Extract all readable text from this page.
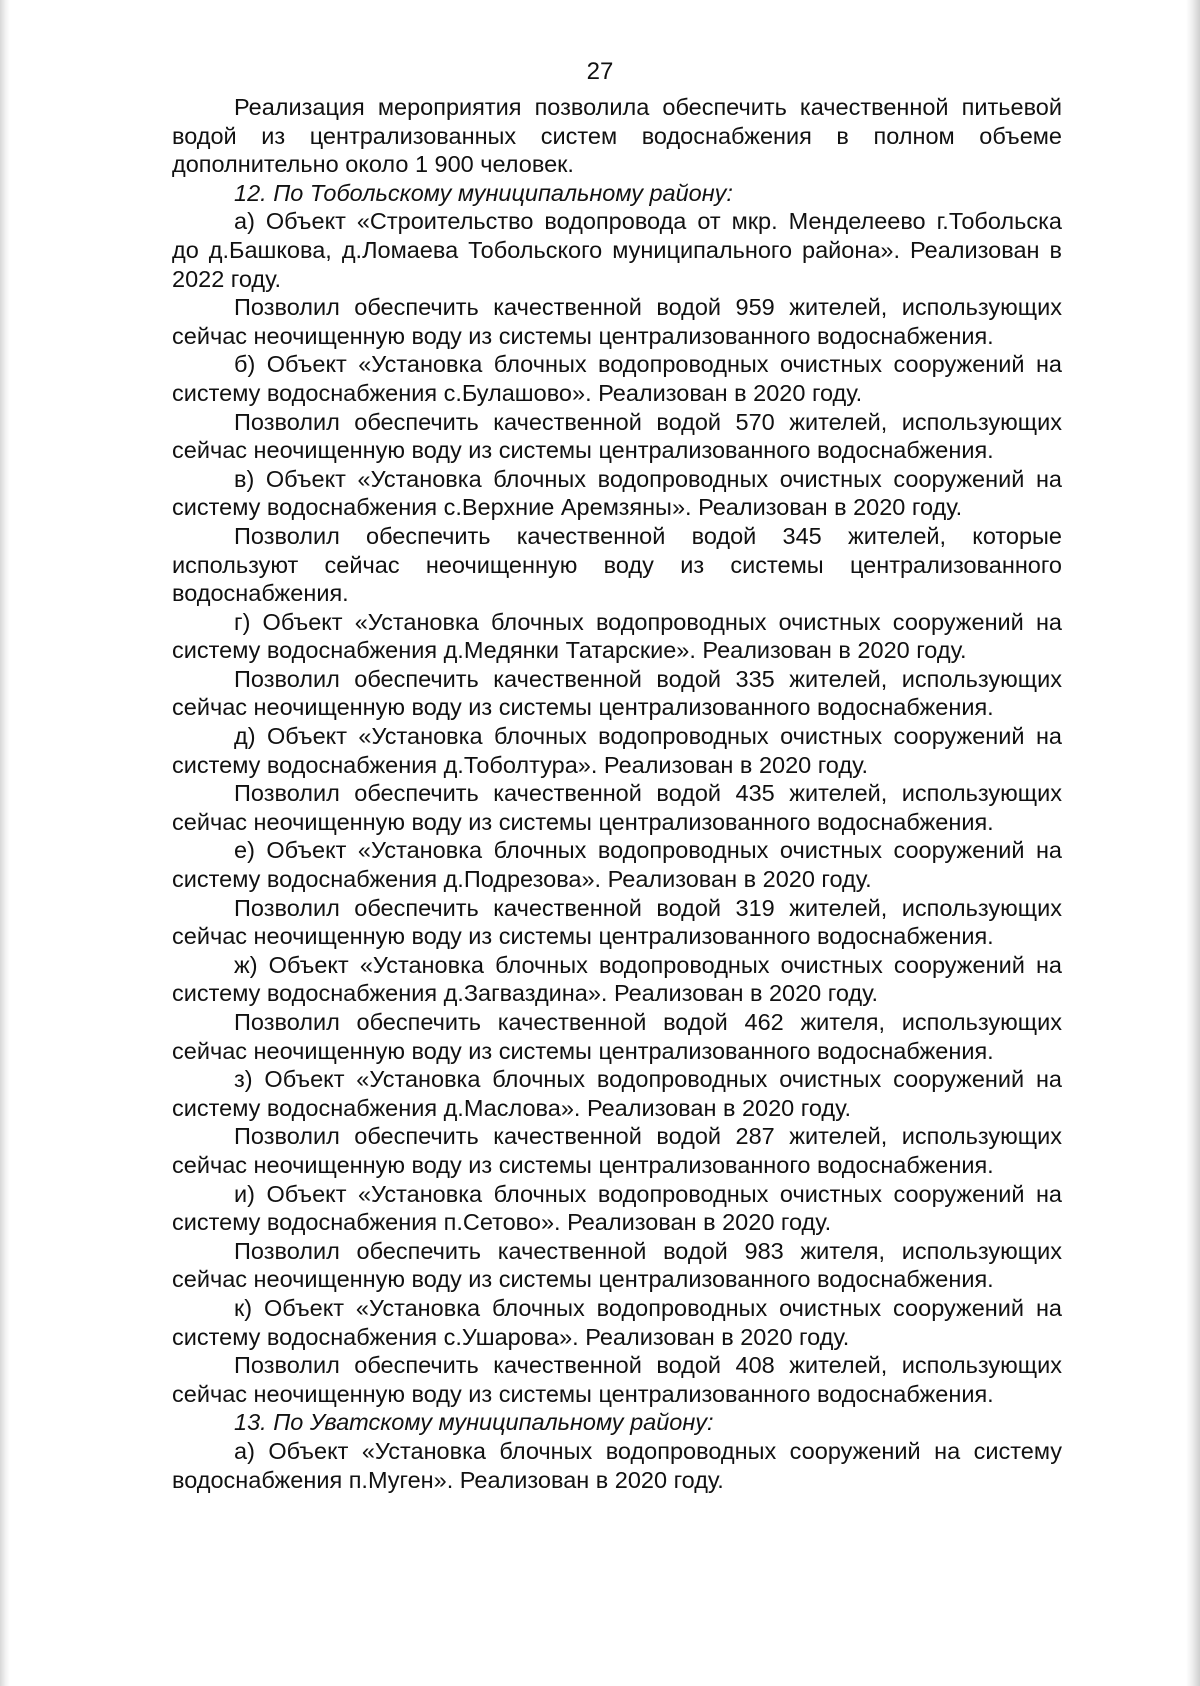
27

Реализация мероприятия позволила обеспечить качественной питьевой водой из централизованных систем водоснабжения в полном объеме дополнительно около 1 900 человек.

12. По Тобольскому муниципальному району:

а) Объект «Строительство водопровода от мкр. Менделеево г.Тобольска до д.Башкова, д.Ломаева Тобольского муниципального района». Реализован в 2022 году.

Позволил обеспечить качественной водой 959 жителей, использующих сейчас неочищенную воду из системы централизованного водоснабжения.

б) Объект «Установка блочных водопроводных очистных сооружений на систему водоснабжения с.Булашово». Реализован в 2020 году.

Позволил обеспечить качественной водой 570 жителей, использующих сейчас неочищенную воду из системы централизованного водоснабжения.

в) Объект «Установка блочных водопроводных очистных сооружений на систему водоснабжения с.Верхние Аремзяны». Реализован в 2020 году.

Позволил обеспечить качественной водой 345 жителей, которые используют сейчас неочищенную воду из системы централизованного водоснабжения.

г) Объект «Установка блочных водопроводных очистных сооружений на систему водоснабжения д.Медянки Татарские». Реализован в 2020 году.

Позволил обеспечить качественной водой 335 жителей, использующих сейчас неочищенную воду из системы централизованного водоснабжения.

д) Объект «Установка блочных водопроводных очистных сооружений на систему водоснабжения д.Тоболтура». Реализован в 2020 году.

Позволил обеспечить качественной водой 435 жителей, использующих сейчас неочищенную воду из системы централизованного водоснабжения.

е) Объект «Установка блочных водопроводных очистных сооружений на систему водоснабжения д.Подрезова». Реализован в 2020 году.

Позволил обеспечить качественной водой 319 жителей, использующих сейчас неочищенную воду из системы централизованного водоснабжения.

ж) Объект «Установка блочных водопроводных очистных сооружений на систему водоснабжения д.Загваздина». Реализован в 2020 году.

Позволил обеспечить качественной водой 462 жителя, использующих сейчас неочищенную воду из системы централизованного водоснабжения.

з) Объект «Установка блочных водопроводных очистных сооружений на систему водоснабжения д.Маслова». Реализован в 2020 году.

Позволил обеспечить качественной водой 287 жителей, использующих сейчас неочищенную воду из системы централизованного водоснабжения.

и) Объект «Установка блочных водопроводных очистных сооружений на систему водоснабжения п.Сетово». Реализован в 2020 году.

Позволил обеспечить качественной водой 983 жителя, использующих сейчас неочищенную воду из системы централизованного водоснабжения.

к) Объект «Установка блочных водопроводных очистных сооружений на систему водоснабжения с.Ушарова». Реализован в 2020 году.

Позволил обеспечить качественной водой 408 жителей, использующих сейчас неочищенную воду из системы централизованного водоснабжения.

13. По Уватскому муниципальному району:

а) Объект «Установка блочных водопроводных сооружений на систему водоснабжения п.Муген». Реализован в 2020 году.
